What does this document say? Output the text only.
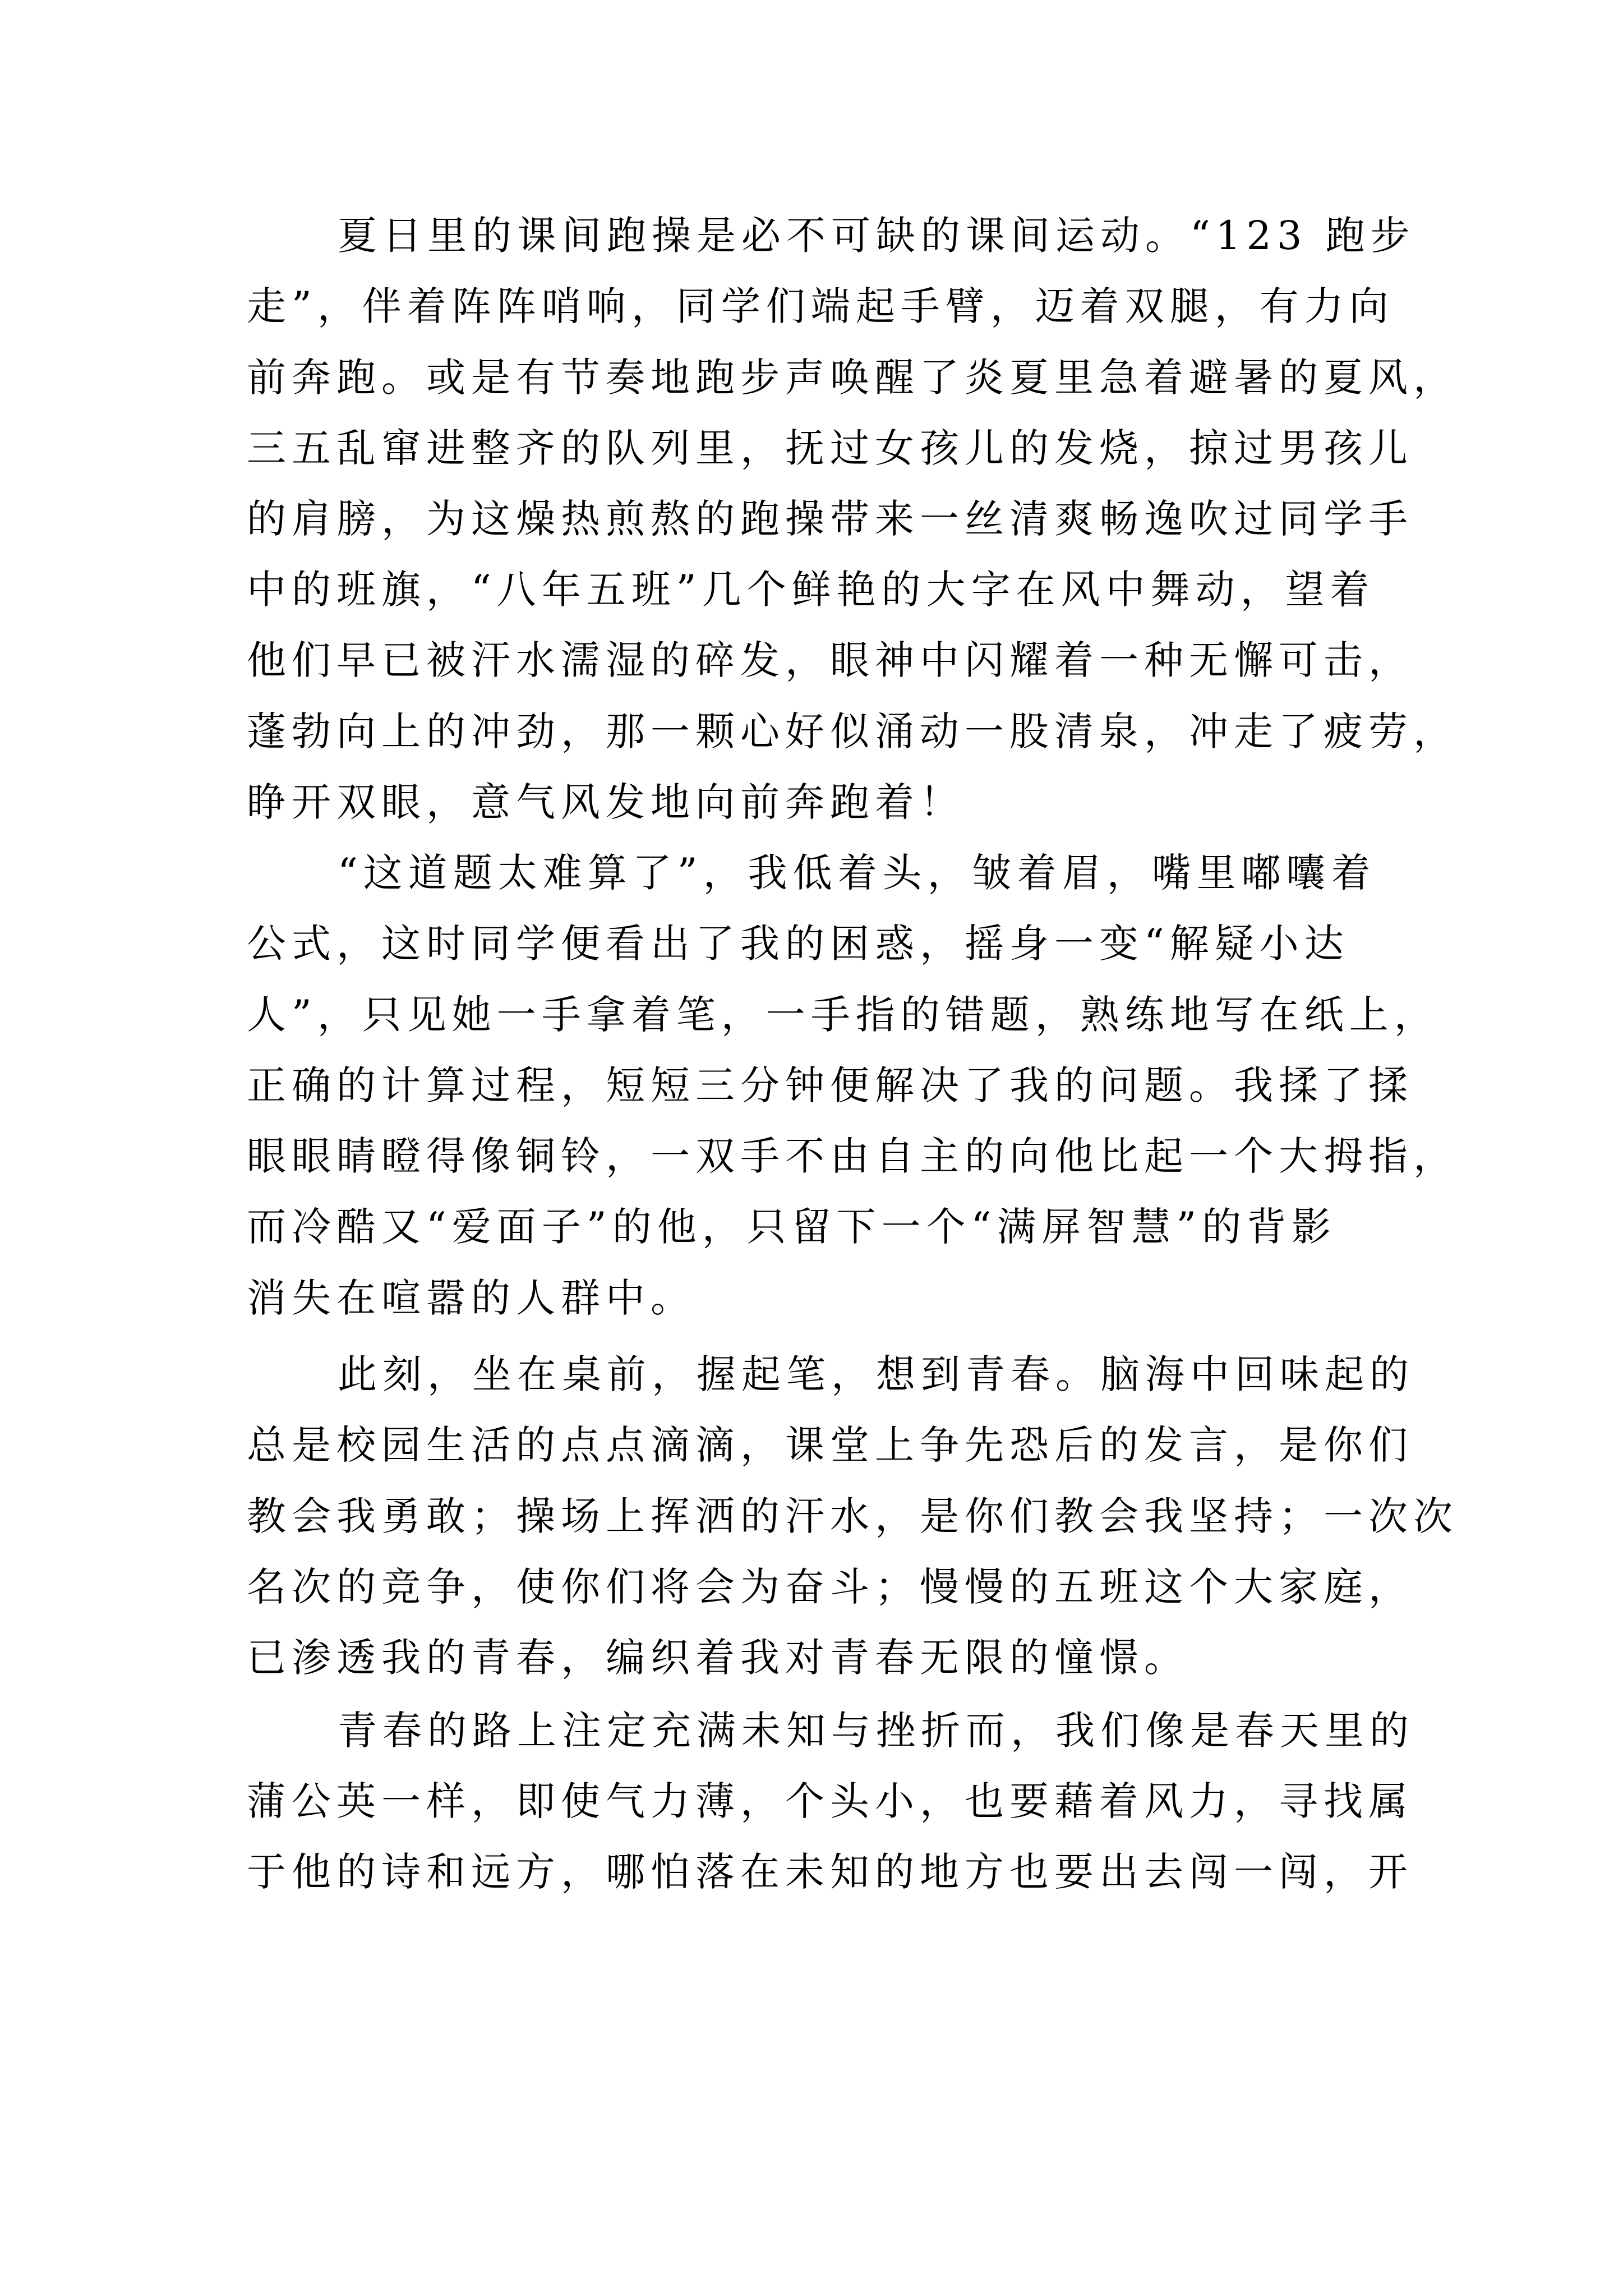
夏日里的课间跑操是必不可缺的课间运动。“123 跑步

走”，伴着阵阵哨响，同学们端起手臂，迈着双腿，有力向

前奔跑。或是有节奏地跑步声唤醒了炎夏里急着避暑的夏风，

三五乱窜进整齐的队列里，抚过女孩儿的发烧，掠过男孩儿

的肩膀，为这燥热煎熬的跑操带来一丝清爽畅逸吹过同学手

中的班旗，“八年五班”几个鲜艳的大字在风中舞动，望着

他们早已被汗水濡湿的碎发，眼神中闪耀着一种无懈可击，

蓬勃向上的冲劲，那一颗心好似涌动一股清泉，冲走了疲劳，

睁开双眼，意气风发地向前奔跑着！

“这道题太难算了”，我低着头，皱着眉，嘴里嘟囔着

公式，这时同学便看出了我的困惑，摇身一变“解疑小达

人”，只见她一手拿着笔，一手指的错题，熟练地写在纸上，

正确的计算过程，短短三分钟便解决了我的问题。我揉了揉

眼眼睛瞪得像铜铃，一双手不由自主的向他比起一个大拇指，

而冷酷又“爱面子”的他，只留下一个“满屏智慧”的背影

消失在喧嚣的人群中。

此刻，坐在桌前，握起笔，想到青春。脑海中回味起的

总是校园生活的点点滴滴，课堂上争先恐后的发言，是你们

教会我勇敢；操场上挥洒的汗水，是你们教会我坚持；一次次

名次的竞争，使你们将会为奋斗；慢慢的五班这个大家庭，

已渗透我的青春，编织着我对青春无限的憧憬。

青春的路上注定充满未知与挫折而，我们像是春天里的

蒲公英一样，即使气力薄，个头小，也要藉着风力，寻找属

于他的诗和远方，哪怕落在未知的地方也要出去闯一闯，开
